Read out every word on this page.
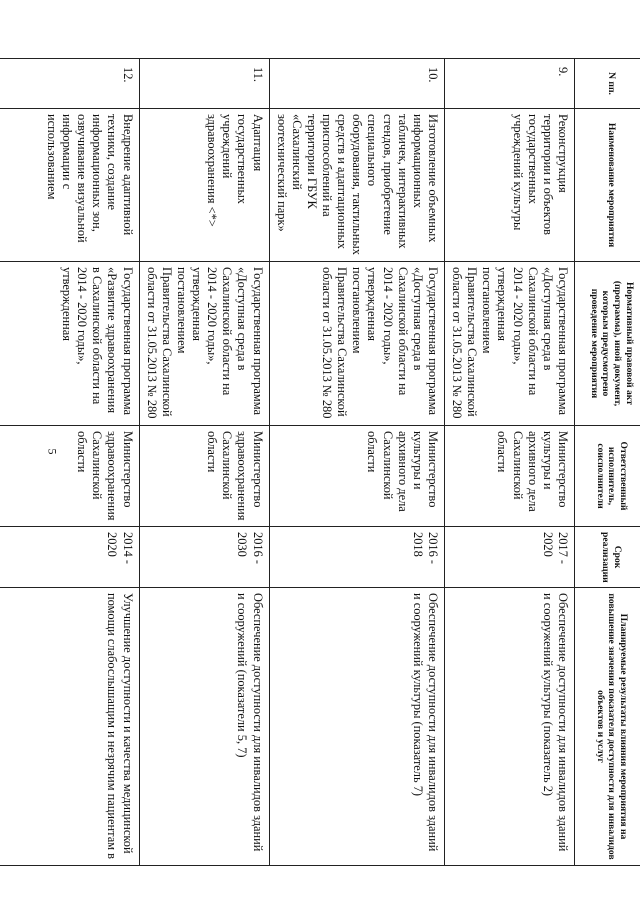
5
N пп.	Наименование мероприятия	Нормативный правовой акт (программа), иной документ, которым предусмотрено проведение мероприятия	Ответственный исполнитель, соисполнители	Срок реализации	Планируемые результаты влияния мероприятия на повышение значения показателя доступности для инвалидов объектов и услуг
9.	Реконструкция территории и объектов государственных учреждений культуры	Государственная программа «Доступная среда в Сахалинской области на 2014 - 2020 годы», утвержденная постановлением Правительства Сахалинской области от 31.05.2013 № 280	Министерство культуры и архивного дела Сахалинской области	2017 - 2020	Обеспечение доступности для инвалидов зданий и сооружений культуры (показатель 2)
10.	Изготовление объемных информационных табличек, интерактивных стендов, приобретение специального оборудования, тактильных средств и адаптационных приспособлений на территории ГБУК «Сахалинский зоотехнический парк»	Государственная программа «Доступная среда в Сахалинской области на 2014 - 2020 годы», утвержденная постановлением Правительства Сахалинской области от 31.05.2013 № 280	Министерство культуры и архивного дела Сахалинской области	2016 - 2018	Обеспечение доступности для инвалидов зданий и сооружений культуры (показатель 7)
11.	Адаптация государственных учреждений здравоохранения <*>	Государственная программа «Доступная среда в Сахалинской области на 2014 - 2020 годы», утвержденная постановлением Правительства Сахалинской области от 31.05.2013 № 280	Министерство здравоохранения Сахалинской области	2016 - 2030	Обеспечение доступности для инвалидов зданий и сооружений (показатели 5, 7)
12.	Внедрение адаптивной техники, создание информационных зон, озвучивание визуальной информации с использованием	Государственная программа «Развитие здравоохранения в Сахалинской области на 2014 - 2020 годы», утвержденная	Министерство здравоохранения Сахалинской области	2014 - 2020	Улучшение доступности и качества медицинской помощи слабослышащим и незрячим пациентам в
